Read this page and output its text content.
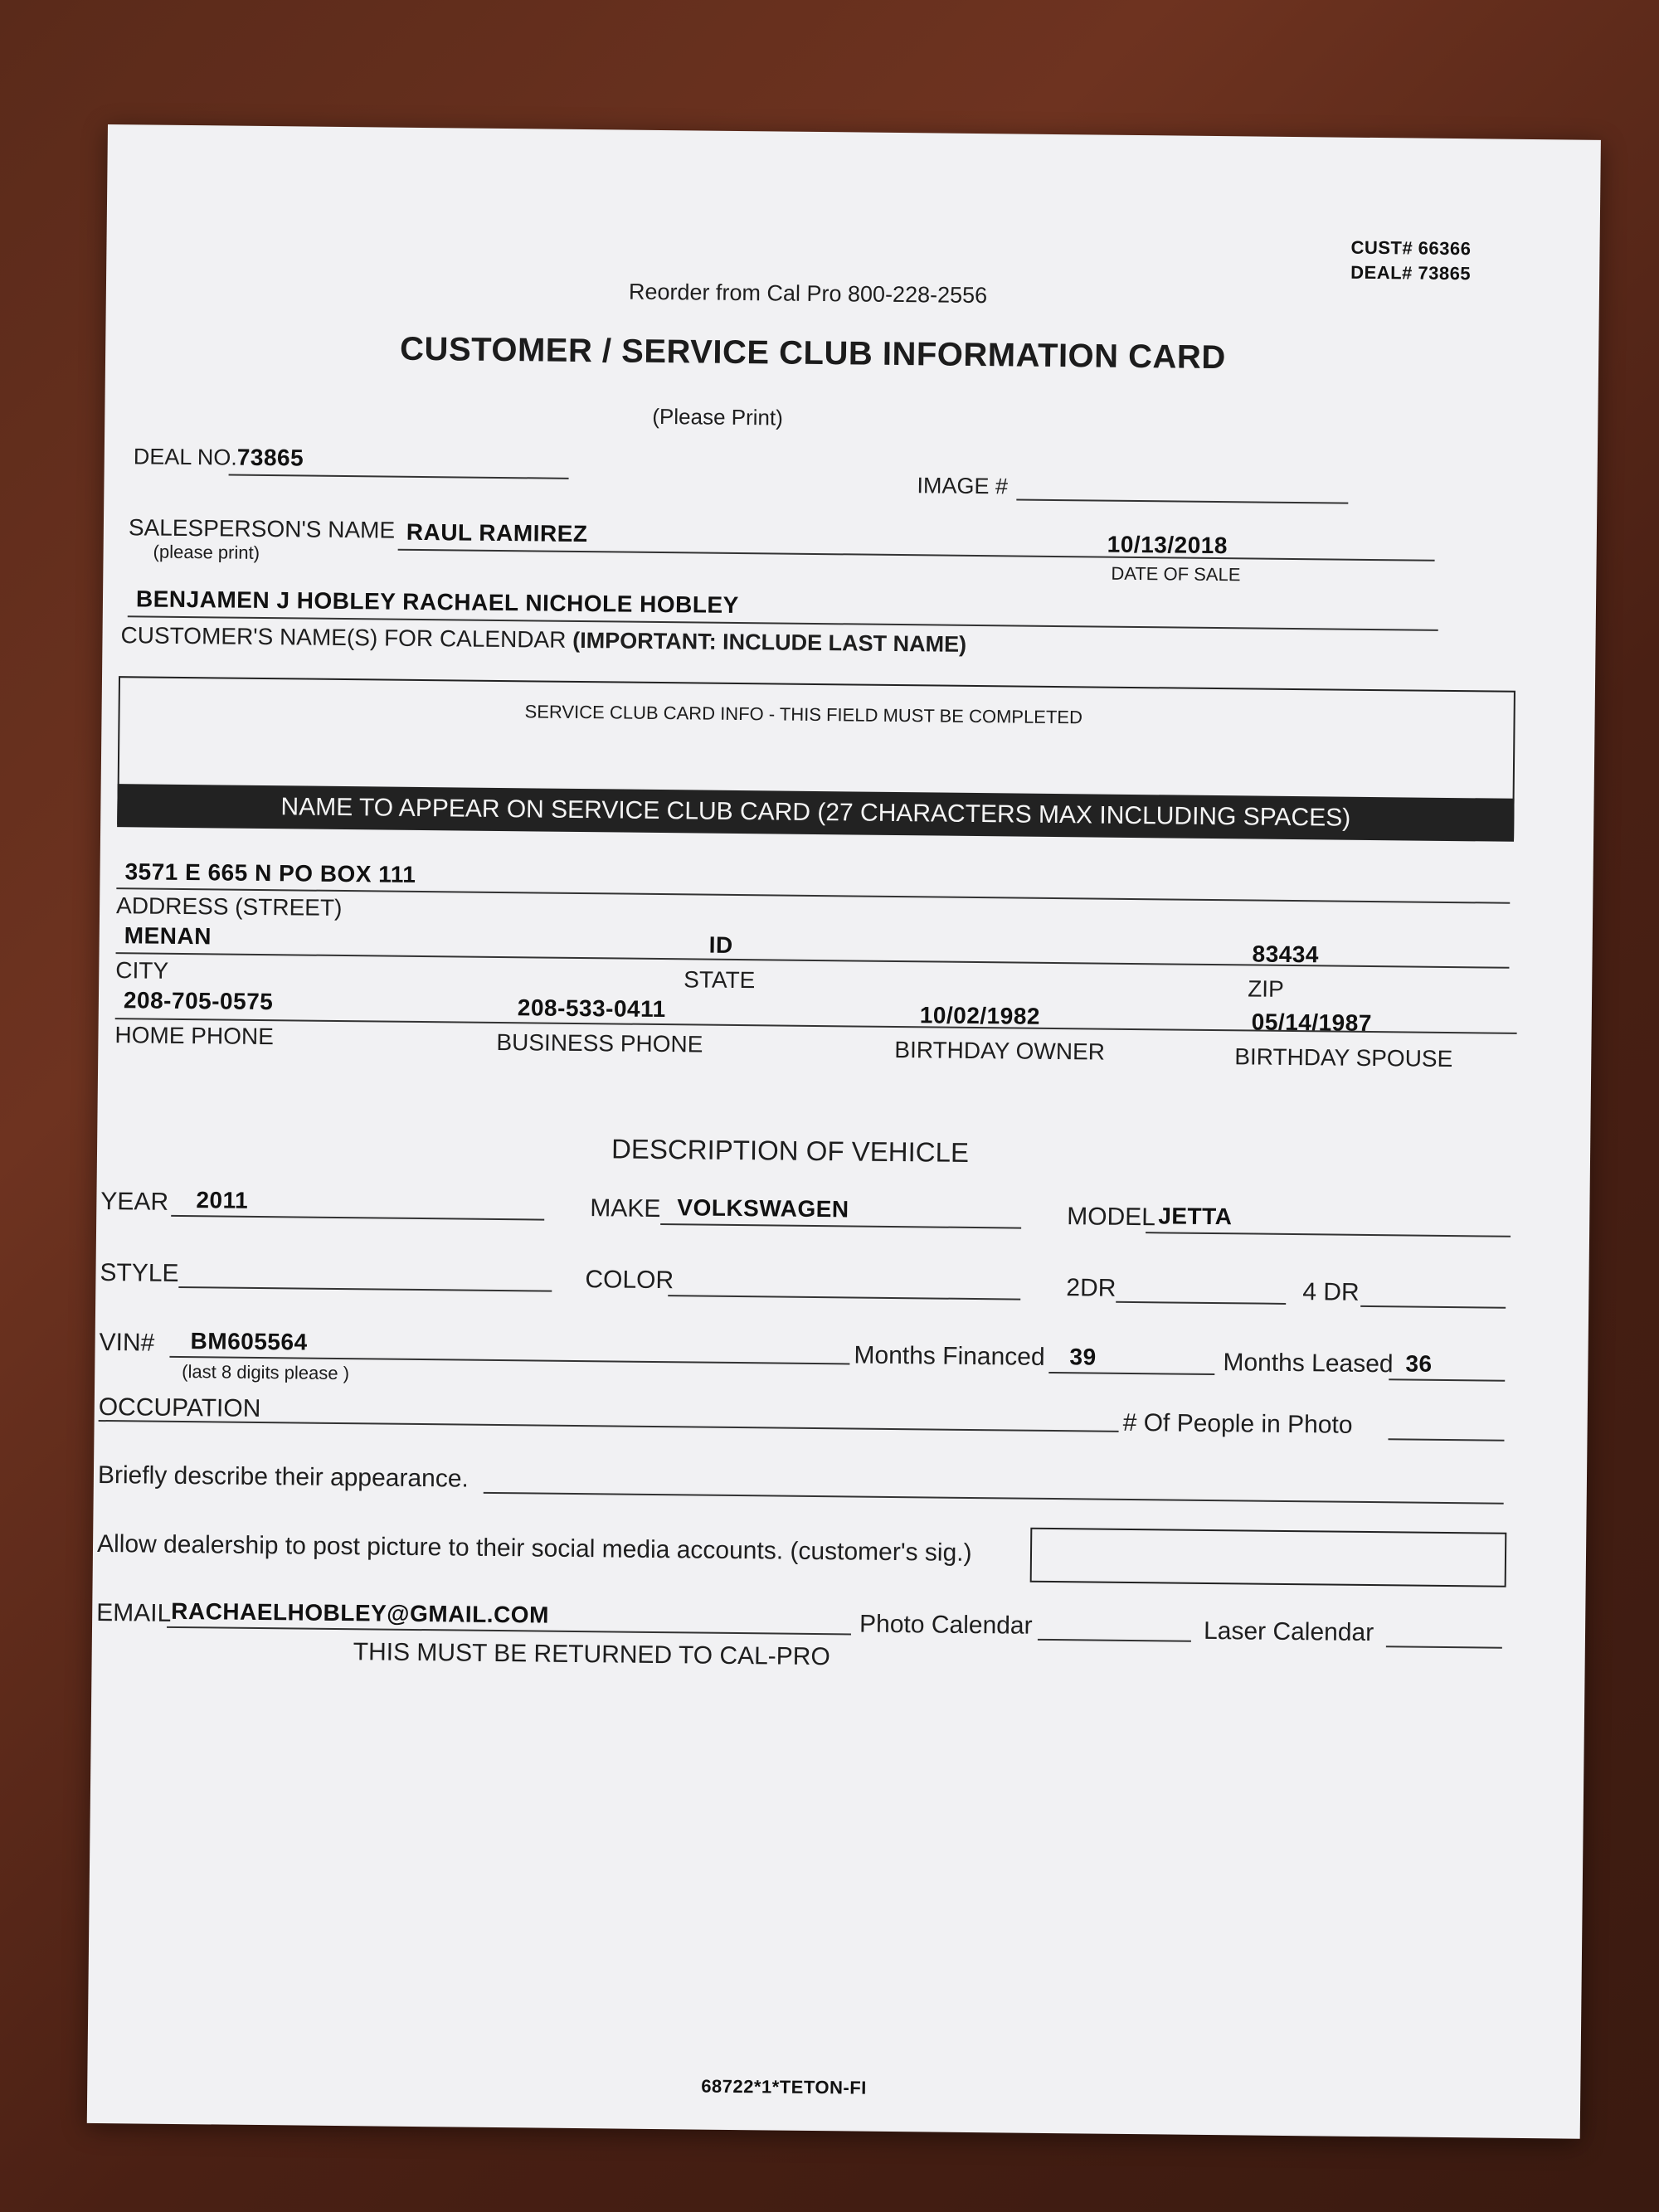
CUST# 66366
DEAL# 73865
Reorder from Cal Pro 800-228-2556
CUSTOMER / SERVICE CLUB INFORMATION CARD
(Please Print)
DEAL NO. 73865
IMAGE #
SALESPERSON'S NAME
(please print)
RAUL RAMIREZ	10/13/2018
DATE OF SALE
BENJAMEN J HOBLEY RACHAEL NICHOLE HOBLEY
CUSTOMER'S NAME(S) FOR CALENDAR (IMPORTANT: INCLUDE LAST NAME)
SERVICE CLUB CARD INFO - THIS FIELD MUST BE COMPLETED
NAME TO APPEAR ON SERVICE CLUB CARD (27 CHARACTERS MAX INCLUDING SPACES)
3571 E 665 N PO BOX 111
ADDRESS (STREET)
MENAN	ID	83434
CITY	STATE	ZIP
208-705-0575	208-533-0411	10/02/1982	05/14/1987
HOME PHONE	BUSINESS PHONE	BIRTHDAY OWNER	BIRTHDAY SPOUSE
DESCRIPTION OF VEHICLE
YEAR 2011	MAKE VOLKSWAGEN	MODEL JETTA
STYLE	COLOR	2DR	4 DR
VIN# BM605564
(last 8 digits please )
Months Financed 39	Months Leased 36
OCCUPATION
# Of People in Photo
Briefly describe their appearance.
Allow dealership to post picture to their social media accounts. (customer's sig.)
EMAIL RACHAELHOBLEY@GMAIL.COM	Photo Calendar	Laser Calendar
THIS MUST BE RETURNED TO CAL-PRO
68722*1*TETON-FI
